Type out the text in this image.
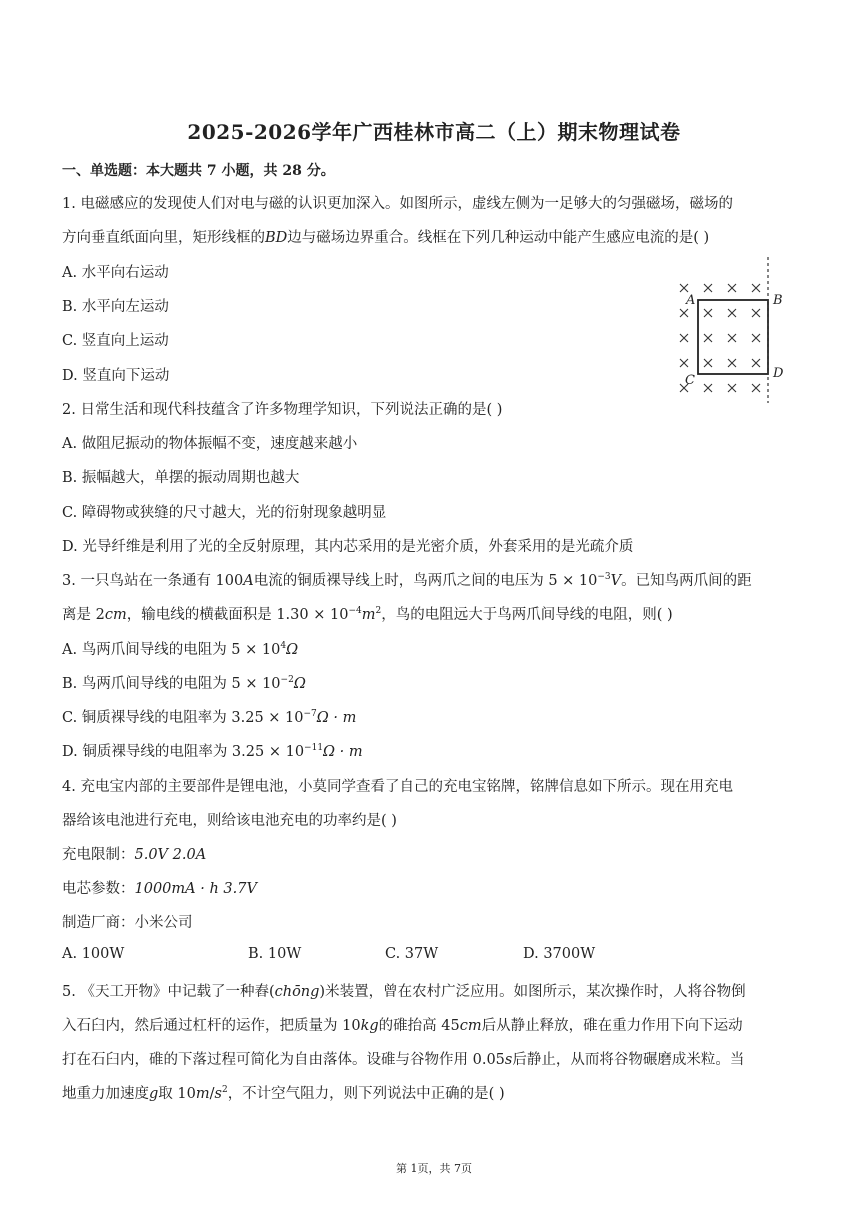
2025-2026学年广西桂林市高二（上）期末物理试卷
一、单选题：本大题共 7 小题，共 28 分。
1. 电磁感应的发现使人们对电与磁的认识更加深入。如图所示，虚线左侧为一足够大的匀强磁场，磁场的
方向垂直纸面向里，矩形线框的BD边与磁场边界重合。线框在下列几种运动中能产生感应电流的是( )
A. 水平向右运动
B. 水平向左运动
C. 竖直向上运动
D. 竖直向下运动
A	B
C	D
2. 日常生活和现代科技蕴含了许多物理学知识，下列说法正确的是( )
A. 做阻尼振动的物体振幅不变，速度越来越小
B. 振幅越大，单摆的振动周期也越大
C. 障碍物或狭缝的尺寸越大，光的衍射现象越明显
D. 光导纤维是利用了光的全反射原理，其内芯采用的是光密介质，外套采用的是光疏介质
3. 一只鸟站在一条通有 100A电流的铜质裸导线上时，鸟两爪之间的电压为 $5 \times 10^{-3}V$。已知鸟两爪间的距
离是 2cm，输电线的横截面积是 $1.30 \times 10^{-4}m^2$，鸟的电阻远大于鸟两爪间导线的电阻，则( )
A. 鸟两爪间导线的电阻为 $5 \times 10^4\Omega$
B. 鸟两爪间导线的电阻为 $5 \times 10^{-2}\Omega$
C. 铜质裸导线的电阻率为 $3.25 \times 10^{-7}\Omega \cdot m$
D. 铜质裸导线的电阻率为 $3.25 \times 10^{-11}\Omega \cdot m$
4. 充电宝内部的主要部件是锂电池，小莫同学查看了自己的充电宝铭牌，铭牌信息如下所示。现在用充电
器给该电池进行充电，则给该电池充电的功率约是( )
充电限制：5.0V 2.0A
电芯参数：1000mA · h 3.7V
制造厂商：小米公司
A. 100W	B. 10W	C. 37W	D. 3700W
5. 《天工开物》中记载了一种舂(chōng)米装置，曾在农村广泛应用。如图所示，某次操作时，人将谷物倒
入石臼内，然后通过杠杆的运作，把质量为 10kg的碓抬高 45cm后从静止释放，碓在重力作用下向下运动
打在石臼内，碓的下落过程可简化为自由落体。设碓与谷物作用 0.05s后静止，从而将谷物碾磨成米粒。当
地重力加速度g取 $10m/s^2$，不计空气阻力，则下列说法中正确的是( )
第 1页，共 7页
